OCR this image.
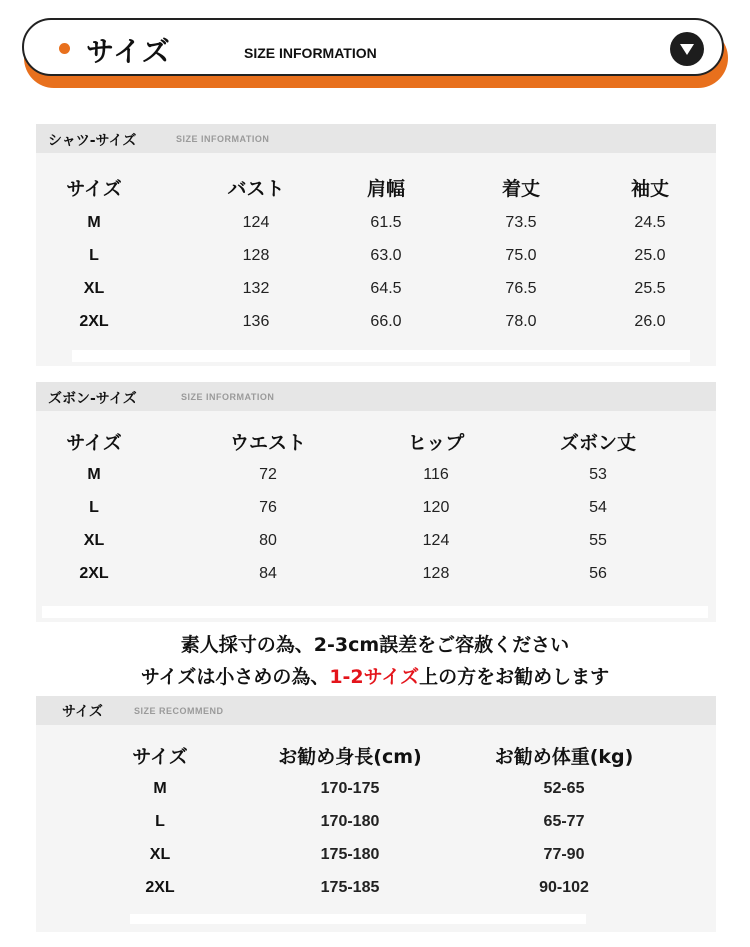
サイズ	SIZE INFORMATION
シャツ-サイズ	SIZE INFORMATION
サイズ	バスト	肩幅	着丈	袖丈
M	124	61.5	73.5	24.5
L	128	63.0	75.0	25.0
XL	132	64.5	76.5	25.5
2XL	136	66.0	78.0	26.0
ズボン-サイズ	SIZE INFORMATION
サイズ	ウエスト	ヒップ	ズボン丈
M	72	116	53
L	76	120	54
XL	80	124	55
2XL	84	128	56
素人採寸の為、2-3cm誤差をご容赦ください
サイズは小さめの為、1-2サイズ上の方をお勧めします
サイズ	SIZE RECOMMEND
サイズ	お勧め身長(cm)	お勧め体重(kg)
M	170-175	52-65
L	170-180	65-77
XL	175-180	77-90
2XL	175-185	90-102
